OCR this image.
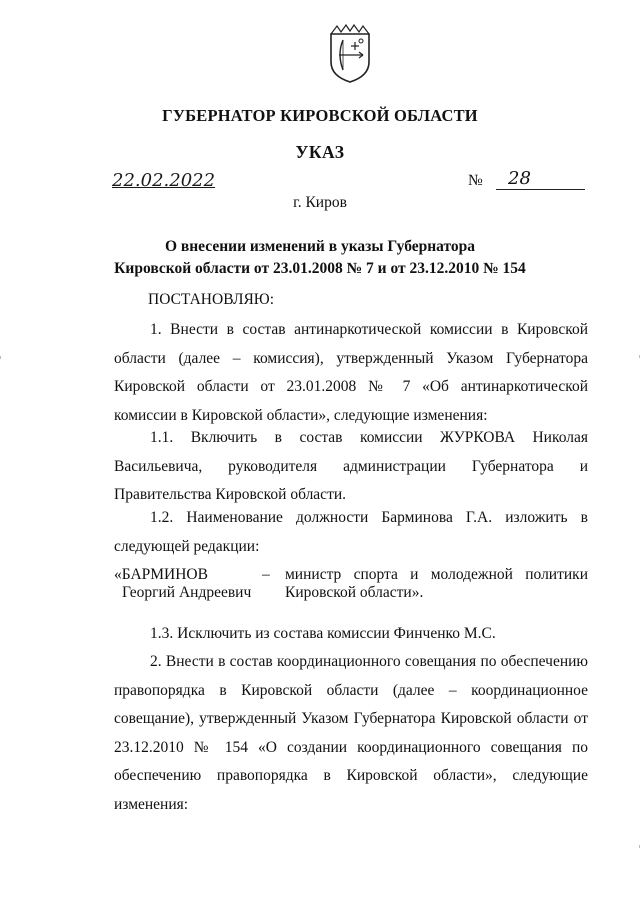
ГУБЕРНАТОР КИРОВСКОЙ ОБЛАСТИ
УКАЗ
22.02.2022	№ 28
г. Киров
О внесении изменений в указы Губернатора
Кировской области от 23.01.2008 № 7 и от 23.12.2010 № 154
ПОСТАНОВЛЯЮ:
1. Внести в состав антинаркотической комиссии в Кировской области (далее – комиссия), утвержденный Указом Губернатора Кировской области от 23.01.2008 № 7 «Об антинаркотической комиссии в Кировской области», следующие изменения:
1.1. Включить в состав комиссии ЖУРКОВА Николая Васильевича, руководителя администрации Губернатора и Правительства Кировской области.
1.2. Наименование должности Барминова Г.А. изложить в следующей редакции:
«БАРМИНОВ
Георгий Андреевич
– министр спорта и молодежной политики Кировской области».
1.3. Исключить из состава комиссии Финченко М.С.
2. Внести в состав координационного совещания по обеспечению правопорядка в Кировской области (далее – координационное совещание), утвержденный Указом Губернатора Кировской области от 23.12.2010 № 154 «О создании координационного совещания по обеспечению правопорядка в Кировской области», следующие изменения:
